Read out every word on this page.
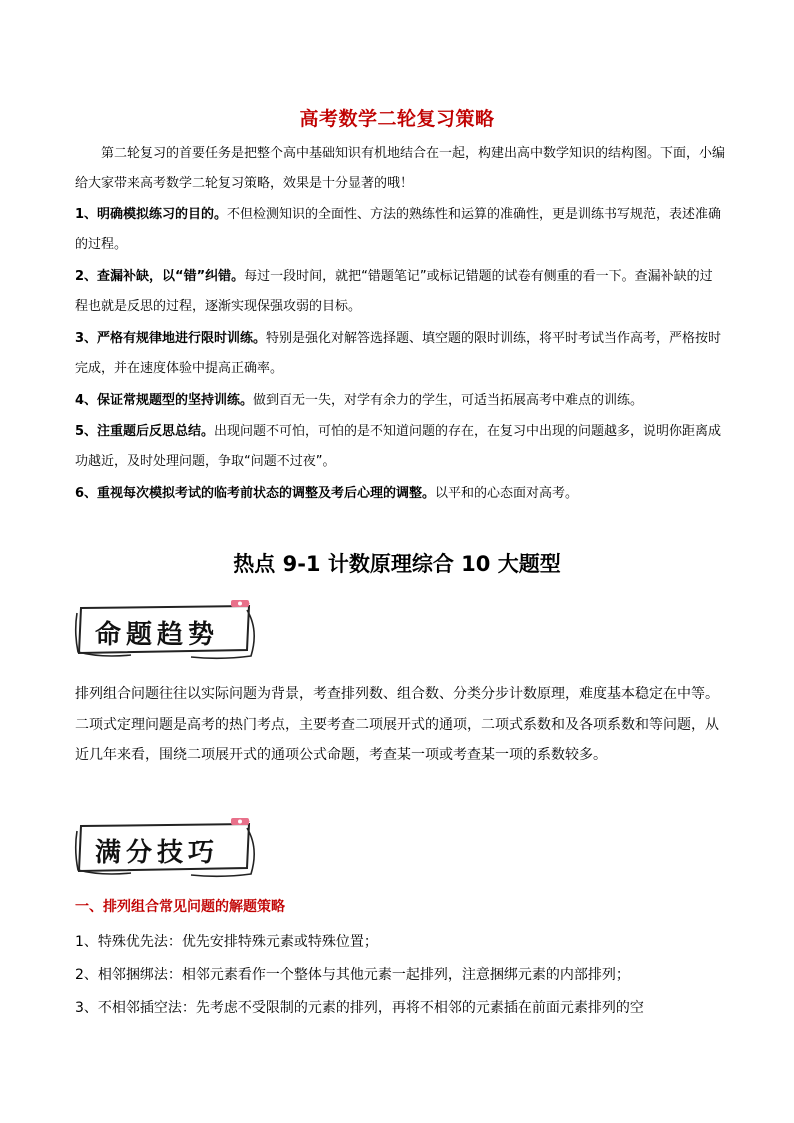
高考数学二轮复习策略

第二轮复习的首要任务是把整个高中基础知识有机地结合在一起，构建出高中数学知识的结构图。下面，小编给大家带来高考数学二轮复习策略，效果是十分显著的哦！

1、明确模拟练习的目的。不但检测知识的全面性、方法的熟练性和运算的准确性，更是训练书写规范，表述准确的过程。

2、查漏补缺，以“错”纠错。每过一段时间，就把“错题笔记”或标记错题的试卷有侧重的看一下。查漏补缺的过程也就是反思的过程，逐渐实现保强攻弱的目标。

3、严格有规律地进行限时训练。特别是强化对解答选择题、填空题的限时训练，将平时考试当作高考，严格按时完成，并在速度体验中提高正确率。

4、保证常规题型的坚持训练。做到百无一失，对学有余力的学生，可适当拓展高考中难点的训练。

5、注重题后反思总结。出现问题不可怕，可怕的是不知道问题的存在，在复习中出现的问题越多，说明你距离成功越近，及时处理问题，争取“问题不过夜”。

6、重视每次模拟考试的临考前状态的调整及考后心理的调整。以平和的心态面对高考。

热点 9-1 计数原理综合 10 大题型
命题趋势

排列组合问题往往以实际问题为背景，考查排列数、组合数、分类分步计数原理，难度基本稳定在中等。二项式定理问题是高考的热门考点，主要考查二项展开式的通项，二项式系数和及各项系数和等问题，从近几年来看，围绕二项展开式的通项公式命题，考查某一项或考查某一项的系数较多。

满分技巧
一、排列组合常见问题的解题策略

1、特殊优先法：优先安排特殊元素或特殊位置；

2、相邻捆绑法：相邻元素看作一个整体与其他元素一起排列，注意捆绑元素的内部排列；

3、不相邻插空法：先考虑不受限制的元素的排列，再将不相邻的元素插在前面元素排列的空
